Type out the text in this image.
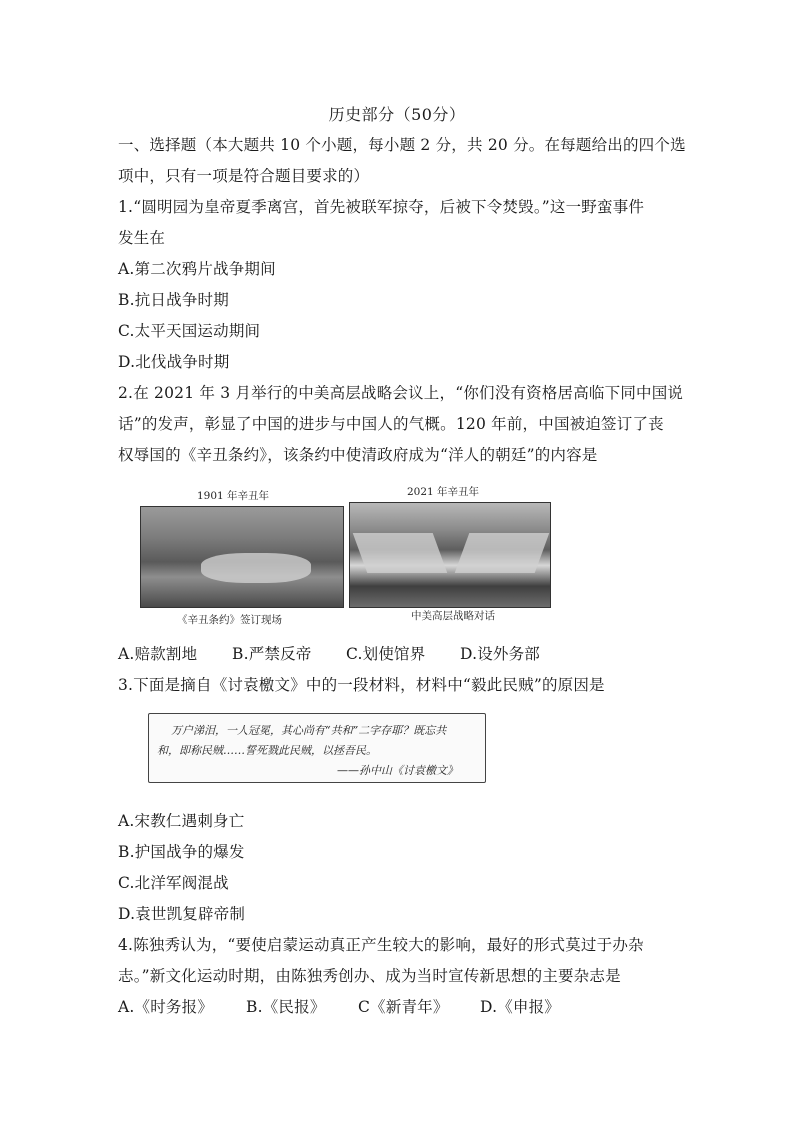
历史部分（50分）
一、选择题（本大题共 10 个小题，每小题 2 分，共 20 分。在每题给出的四个选
项中，只有一项是符合题目要求的）
1.“圆明园为皇帝夏季离宫，首先被联军掠夺，后被下令焚毁。”这一野蛮事件
发生在
A.第二次鸦片战争期间
B.抗日战争时期
C.太平天国运动期间
D.北伐战争时期
2.在 2021 年 3 月举行的中美高层战略会议上，“你们没有资格居高临下同中国说
话”的发声，彰显了中国的进步与中国人的气概。120 年前，中国被迫签订了丧
权辱国的《辛丑条约》，该条约中使清政府成为“洋人的朝廷”的内容是
1901 年辛丑年	2021 年辛丑年
《辛丑条约》签订现场	中美高层战略对话
A.赔款割地 B.严禁反帝 C.划使馆界 D.设外务部
3.下面是摘自《讨袁檄文》中的一段材料，材料中“毅此民贼”的原因是
万户涕泪，一人冠冕，其心尚有“共和”二字存耶？既忘共
和，即称民贼……誓死戮此民贼，以拯吾民。
——孙中山《讨袁檄文》
A.宋教仁遇刺身亡
B.护国战争的爆发
C.北洋军阀混战
D.袁世凯复辟帝制
4.陈独秀认为，“要使启蒙运动真正产生较大的影响，最好的形式莫过于办杂
志。”新文化运动时期，由陈独秀创办、成为当时宣传新思想的主要杂志是
A.《时务报》 B.《民报》 C《新青年》 D.《申报》
